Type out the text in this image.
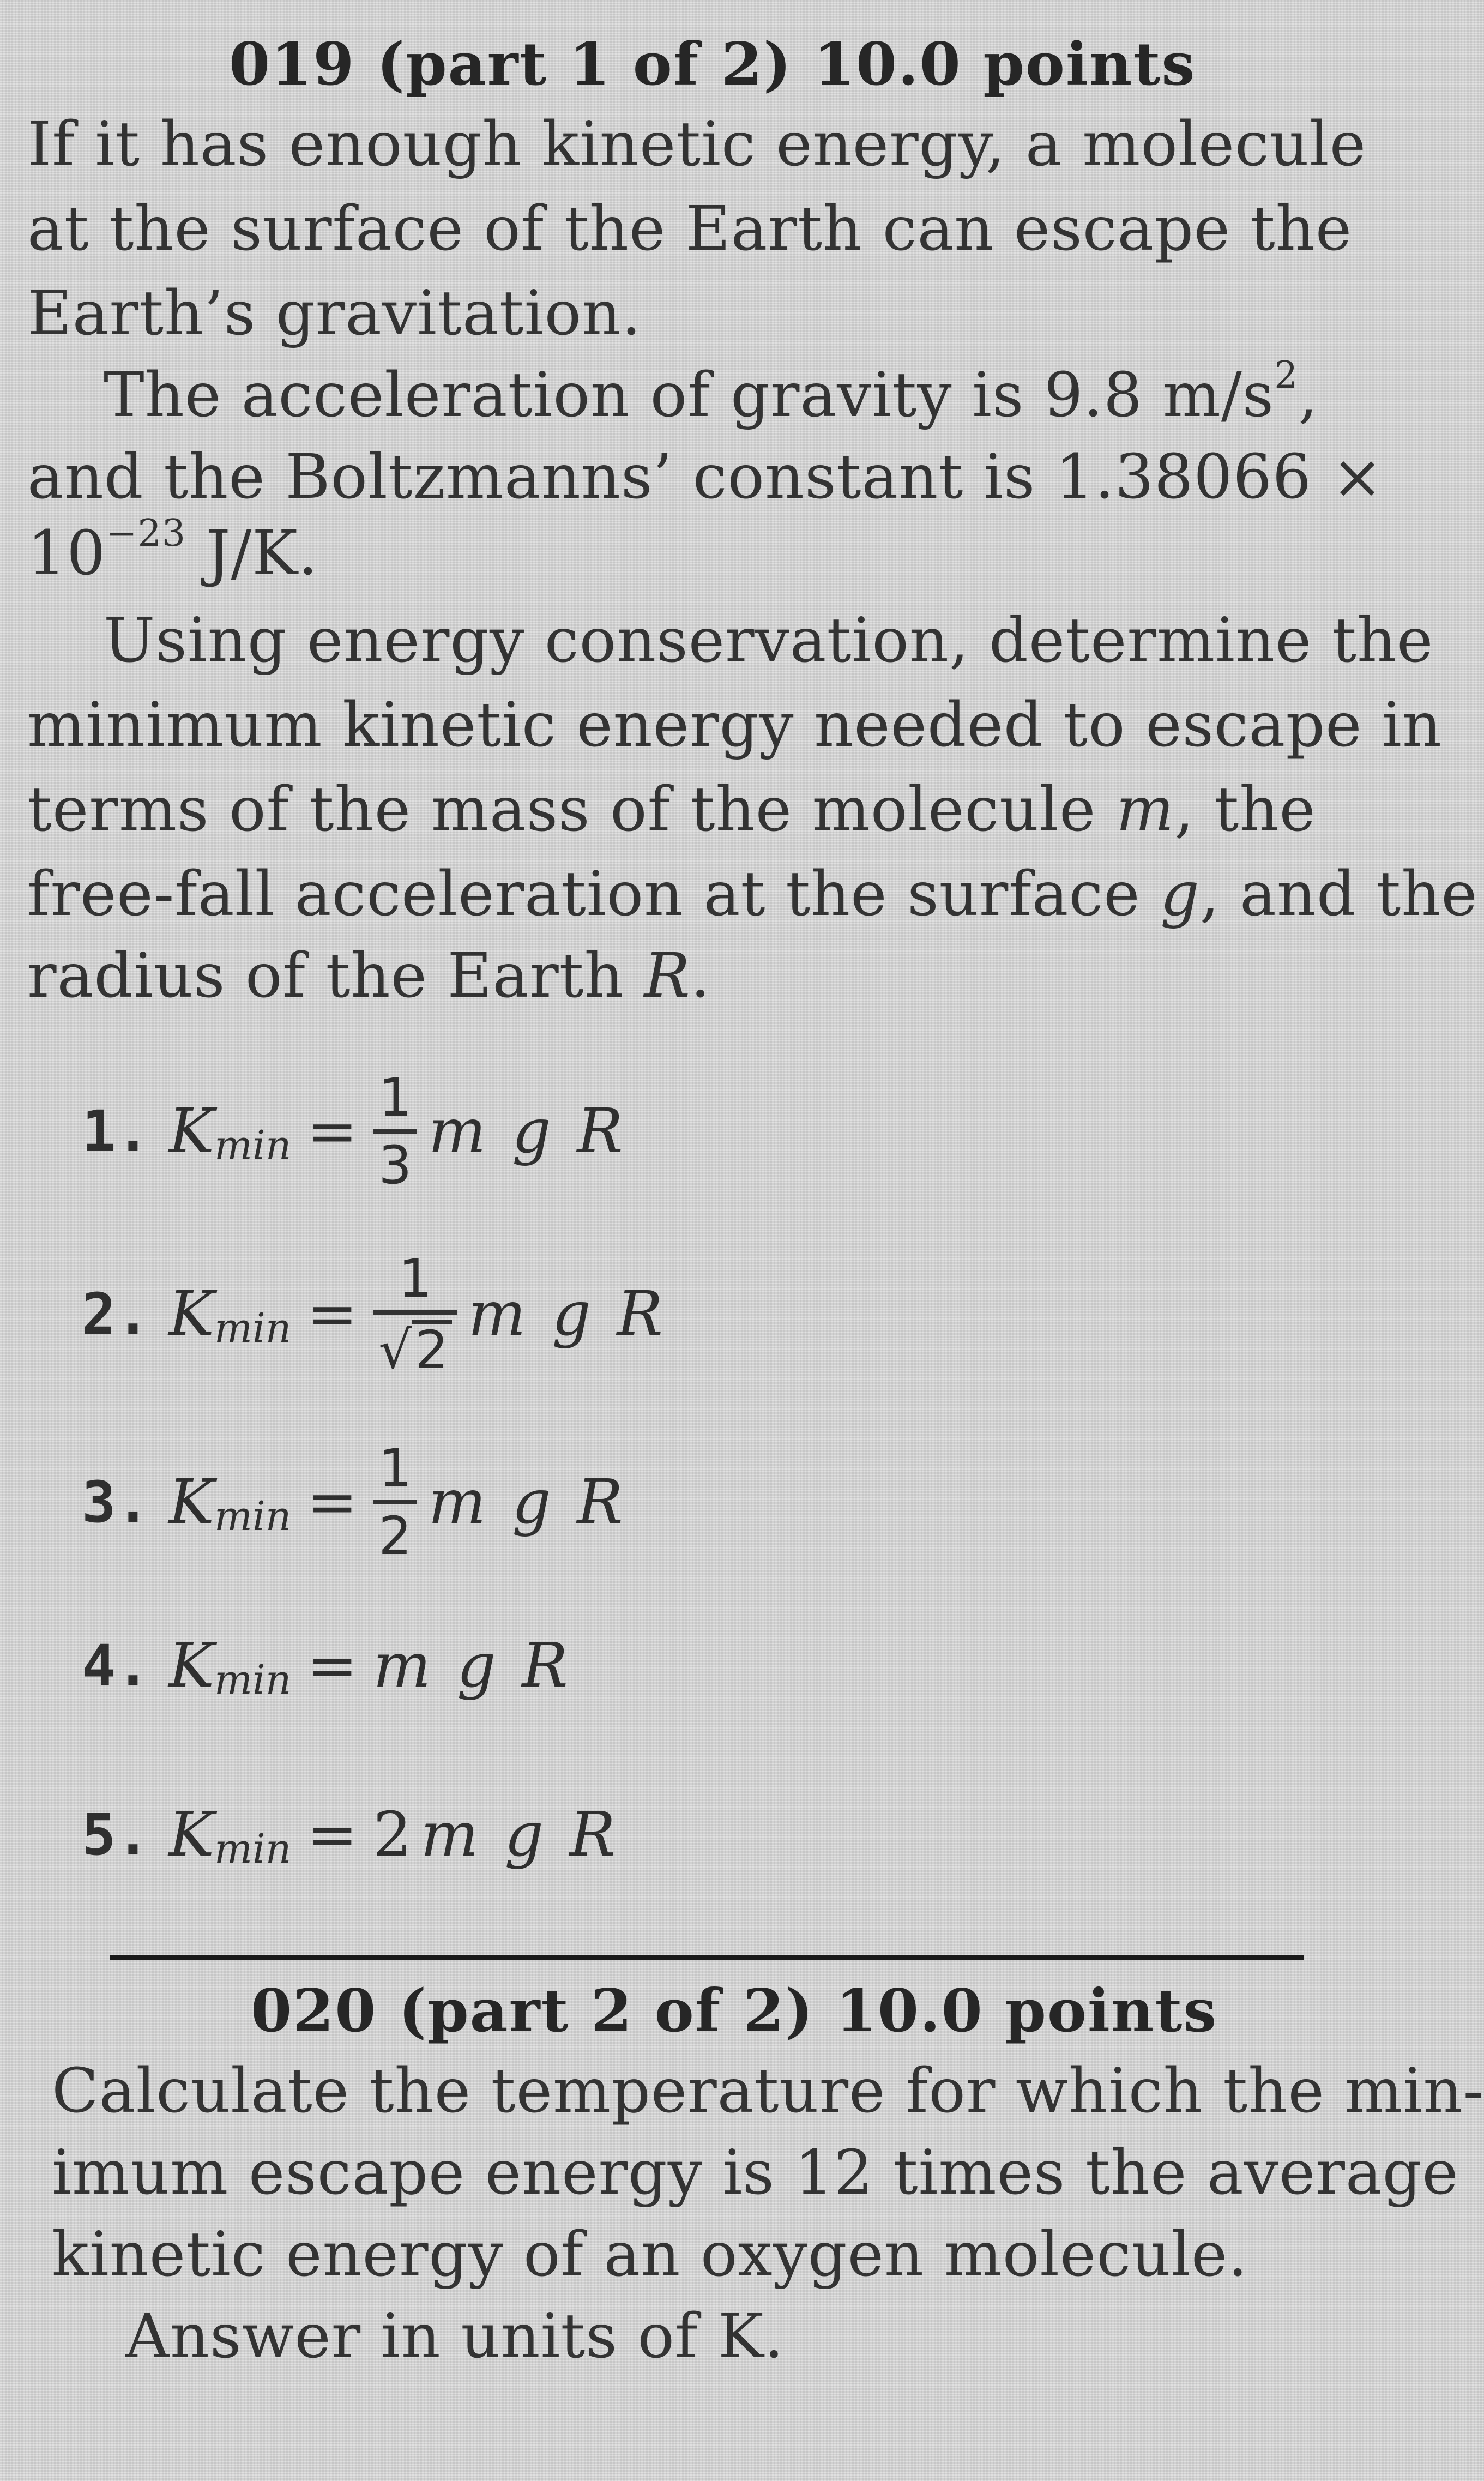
019 (part 1 of 2) 10.0 points
If it has enough kinetic energy, a molecule
at the surface of the Earth can escape the
Earth’s gravitation.
The acceleration of gravity is 9.8 $m/s^2$,
and the Boltzmanns’ constant is 1.38066 ×
$10^{-23}$ J/K.
Using energy conservation, determine the
minimum kinetic energy needed to escape in
terms of the mass of the molecule m, the
free-fall acceleration at the surface g, and the
radius of the Earth R.
1. K min = 1
3 m g R
2. K min =
1
√ 2
m g R
3. K min = 1
2 m g R
4. K min = m g R
5. K min = 2 m g R
020 (part 2 of 2) 10.0 points
Calculate the temperature for which the min-
imum escape energy is 12 times the average
kinetic energy of an oxygen molecule.
Answer in units of K.
